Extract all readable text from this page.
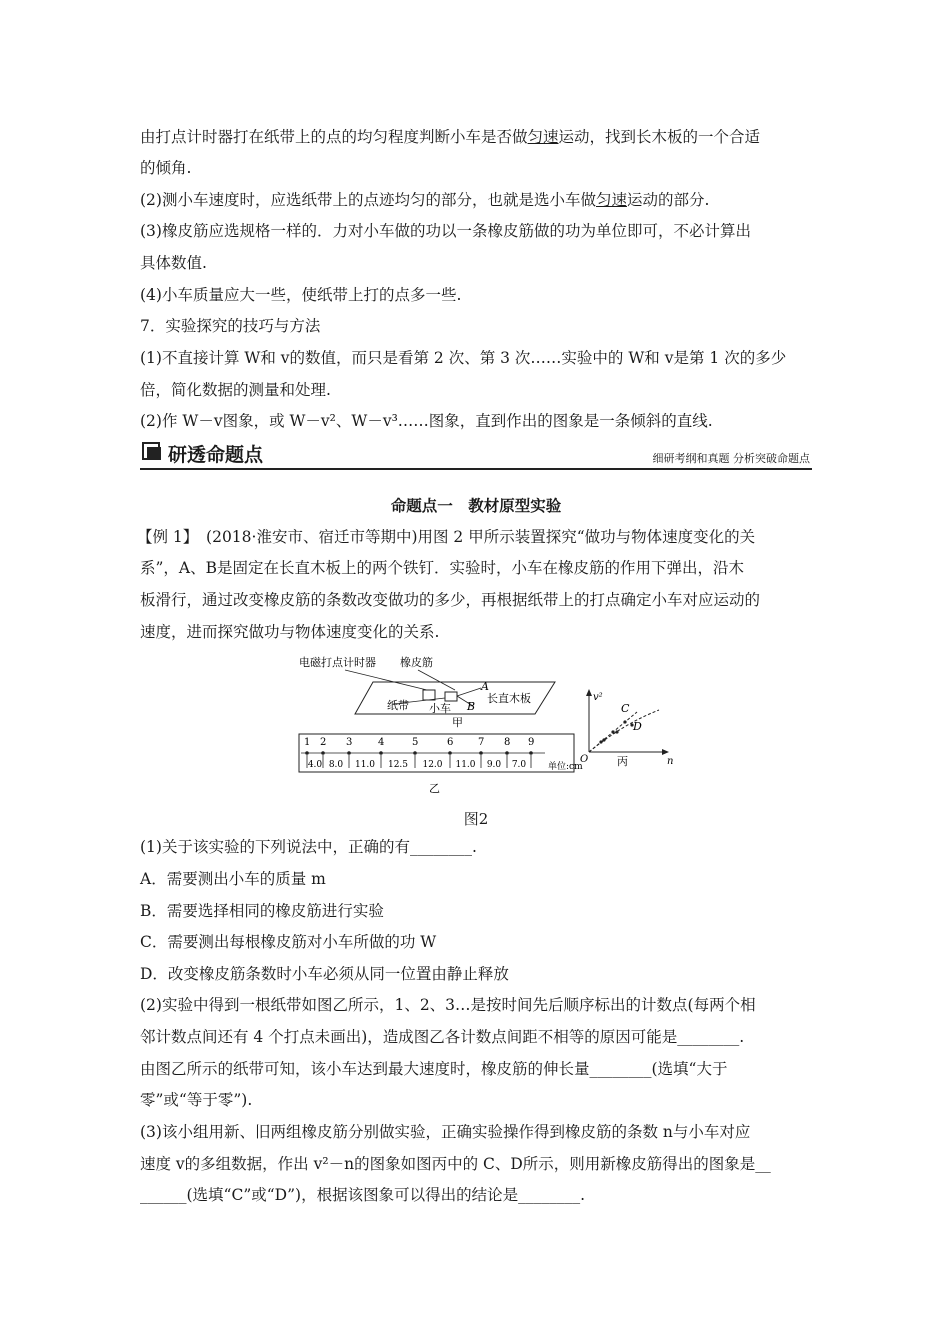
由打点计时器打在纸带上的点的均匀程度判断小车是否做匀速运动，找到长木板的一个合适
的倾角.
(2)测小车速度时，应选纸带上的点迹均匀的部分，也就是选小车做匀速运动的部分.
(3)橡皮筋应选规格一样的．力对小车做的功以一条橡皮筋做的功为单位即可，不必计算出
具体数值.
(4)小车质量应大一些，使纸带上打的点多一些.
7．实验探究的技巧与方法
(1)不直接计算 W和 v的数值，而只是看第 2 次、第 3 次……实验中的 W和 v是第 1 次的多少
倍，简化数据的测量和处理.
(2)作 W－v图象，或 W－v²、W－v³……图象，直到作出的图象是一条倾斜的直线.
研透命题点	细研考纲和真题 分析突破命题点
命题点一　教材原型实验
【例 1】　(2018·淮安市、宿迁市等期中)用图 2 甲所示装置探究“做功与物体速度变化的关
系”，A、B是固定在长直木板上的两个铁钉．实验时，小车在橡皮筋的作用下弹出，沿木
板滑行，通过改变橡皮筋的条数改变做功的多少，再根据纸带上的打点确定小车对应运动的
速度，进而探究做功与物体速度变化的关系.
电磁打点计时器 橡皮筋
A
B
纸带 小车
长直木板
甲
1 2 3	4	5	6 7 8 9
4.0 8.0 11.0 12.5 12.0 11.0 9.0 7.0 单位:cm
乙
v²
n
O
C
D
丙
图2
(1)关于该实验的下列说法中，正确的有________.
A．需要测出小车的质量 m
B．需要选择相同的橡皮筋进行实验
C．需要测出每根橡皮筋对小车所做的功 W
D．改变橡皮筋条数时小车必须从同一位置由静止释放
(2)实验中得到一根纸带如图乙所示，1、2、3…是按时间先后顺序标出的计数点(每两个相
邻计数点间还有 4 个打点未画出)，造成图乙各计数点间距不相等的原因可能是________.
由图乙所示的纸带可知，该小车达到最大速度时，橡皮筋的伸长量________(选填“大于
零”或“等于零”).
(3)该小组用新、旧两组橡皮筋分别做实验，正确实验操作得到橡皮筋的条数 n与小车对应
速度 v的多组数据，作出 v²－n的图象如图丙中的 C、D所示，则用新橡皮筋得出的图象是__
______(选填“C”或“D”)，根据该图象可以得出的结论是________.
